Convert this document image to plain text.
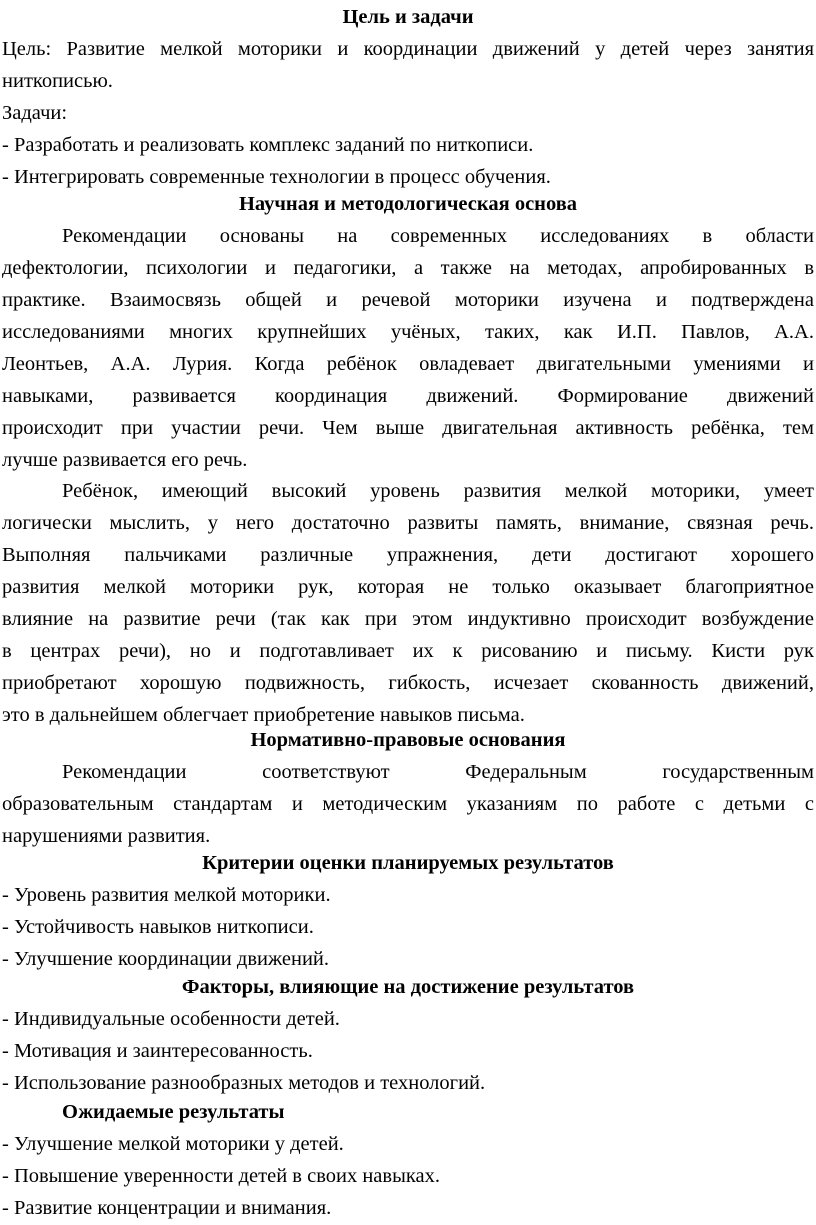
Цель и задачи
Цель: Развитие мелкой моторики и координации движений у детей через занятия
ниткописью.
Задачи:
- Разработать и реализовать комплекс заданий по ниткописи.
- Интегрировать современные технологии в процесс обучения.
Научная и методологическая основа
Рекомендации основаны на современных исследованиях в области
дефектологии, психологии и педагогики, а также на методах, апробированных в
практике. Взаимосвязь общей и речевой моторики изучена и подтверждена
исследованиями многих крупнейших учёных, таких, как И.П. Павлов, А.А.
Леонтьев, А.А. Лурия. Когда ребёнок овладевает двигательными умениями и
навыками, развивается координация движений. Формирование движений
происходит при участии речи. Чем выше двигательная активность ребёнка, тем
лучше развивается его речь.
Ребёнок, имеющий высокий уровень развития мелкой моторики, умеет
логически мыслить, у него достаточно развиты память, внимание, связная речь.
Выполняя пальчиками различные упражнения, дети достигают хорошего
развития мелкой моторики рук, которая не только оказывает благоприятное
влияние на развитие речи (так как при этом индуктивно происходит возбуждение
в центрах речи), но и подготавливает их к рисованию и письму. Кисти рук
приобретают хорошую подвижность, гибкость, исчезает скованность движений,
это в дальнейшем облегчает приобретение навыков письма.
Нормативно-правовые основания
Рекомендации соответствуют Федеральным государственным
образовательным стандартам и методическим указаниям по работе с детьми с
нарушениями развития.
Критерии оценки планируемых результатов
- Уровень развития мелкой моторики.
- Устойчивость навыков ниткописи.
- Улучшение координации движений.
Факторы, влияющие на достижение результатов
- Индивидуальные особенности детей.
- Мотивация и заинтересованность.
- Использование разнообразных методов и технологий.
Ожидаемые результаты
- Улучшение мелкой моторики у детей.
- Повышение уверенности детей в своих навыках.
- Развитие концентрации и внимания.
